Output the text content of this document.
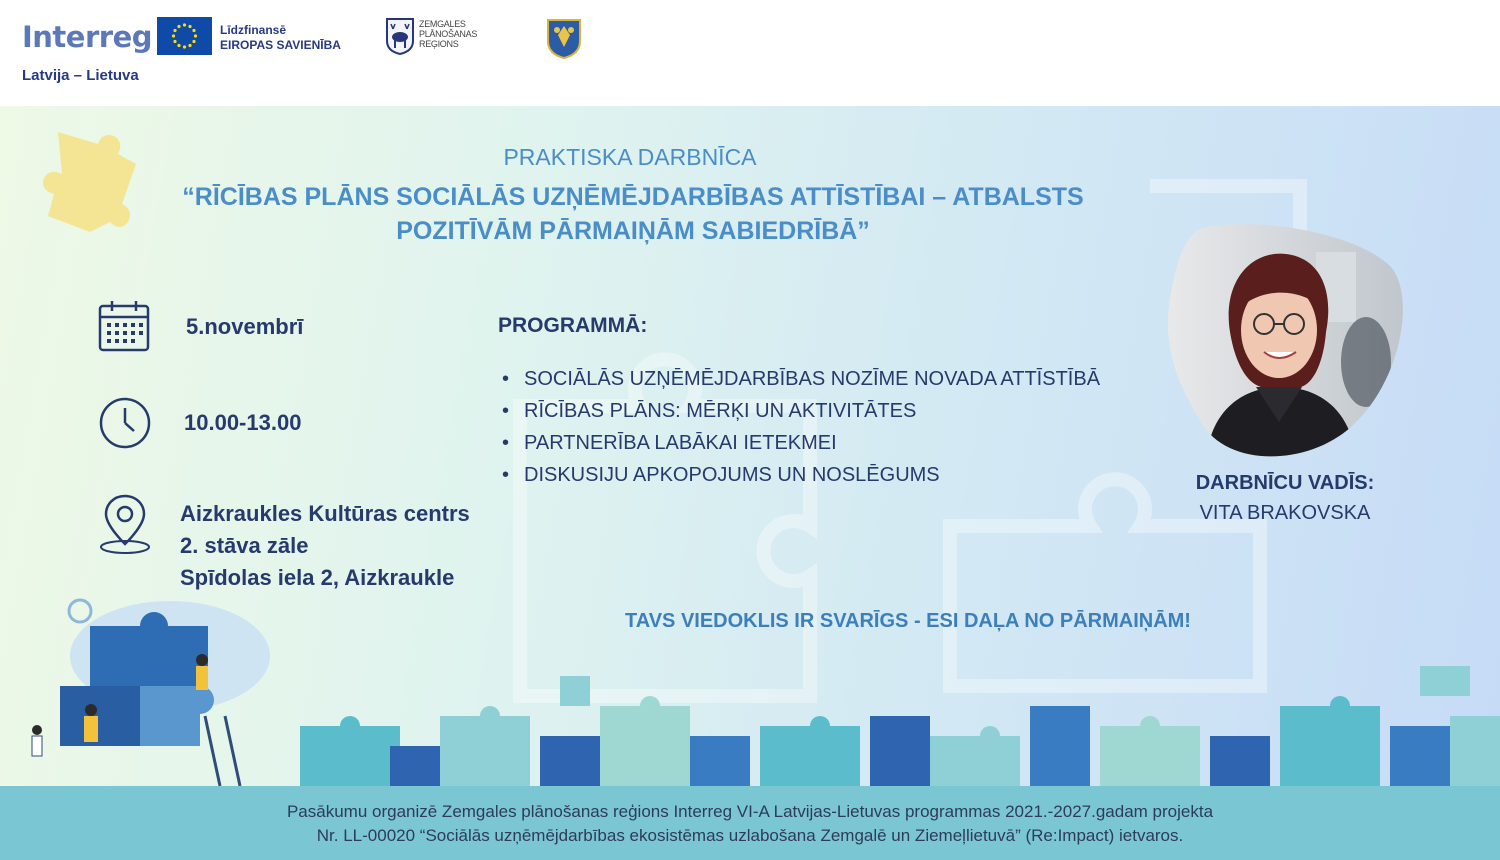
Interreg
Latvija – Lietuva
Līdzfinansē
EIROPAS SAVIENĪBA
ZEMGALES
PLĀNOŠANAS
REĢIONS
PRAKTISKA DARBNĪCA
“RĪCĪBAS PLĀNS SOCIĀLĀS UZŅĒMĒJDARBĪBAS ATTĪSTĪBAI – ATBALSTS
POZITĪVĀM PĀRMAIŅĀM SABIEDRĪBĀ”
5.novembrī
10.00-13.00
Aizkraukles Kultūras centrs
2. stāva zāle
Spīdolas iela 2, Aizkraukle
PROGRAMMĀ:
• SOCIĀLĀS UZŅĒMĒJDARBĪBAS NOZĪME NOVADA ATTĪSTĪBĀ
• RĪCĪBAS PLĀNS: MĒRĶI UN AKTIVITĀTES
• PARTNERĪBA LABĀKAI IETEKMEI
• DISKUSIJU APKOPOJUMS UN NOSLĒGUMS	DARBNĪCU VADĪS:
VITA BRAKOVSKA
TAVS VIEDOKLIS IR SVARĪGS - ESI DAĻA NO PĀRMAIŅĀM!
Pasākumu organizē Zemgales plānošanas reģions Interreg VI-A Latvijas-Lietuvas programmas 2021.-2027.gadam projekta
Nr. LL-00020 “Sociālās uzņēmējdarbības ekosistēmas uzlabošana Zemgalē un Ziemeļlietuvā” (Re:Impact) ietvaros.
